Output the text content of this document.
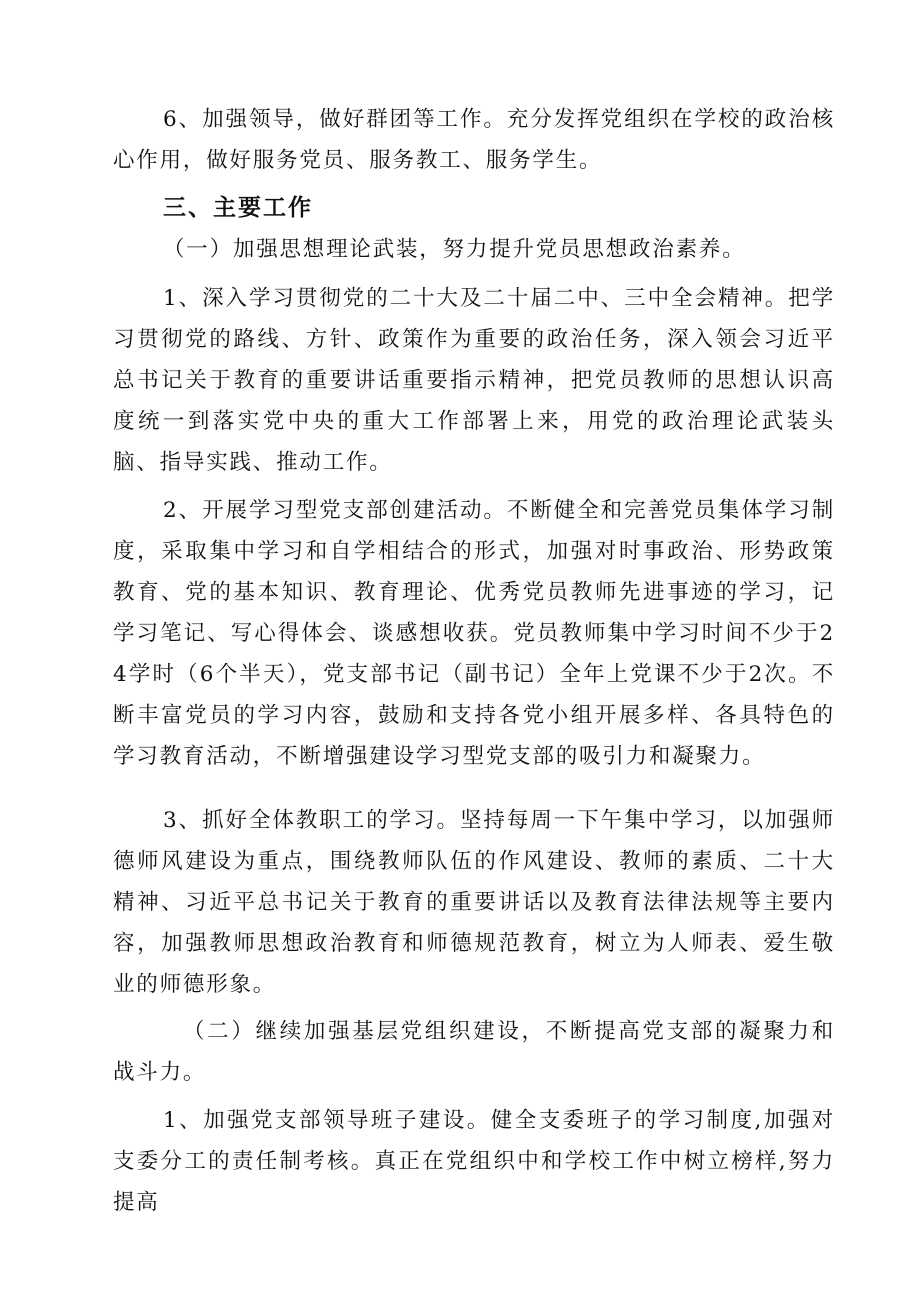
6、加强领导，做好群团等工作。充分发挥党组织在学校的政治核心作用，做好服务党员、服务教工、服务学生。

三、主要工作

（一）加强思想理论武装，努力提升党员思想政治素养。

1、深入学习贯彻党的二十大及二十届二中、三中全会精神。把学习贯彻党的路线、方针、政策作为重要的政治任务，深入领会习近平总书记关于教育的重要讲话重要指示精神，把党员教师的思想认识高度统一到落实党中央的重大工作部署上来，用党的政治理论武装头脑、指导实践、推动工作。

2、开展学习型党支部创建活动。不断健全和完善党员集体学习制度，采取集中学习和自学相结合的形式，加强对时事政治、形势政策教育、党的基本知识、教育理论、优秀党员教师先进事迹的学习，记学习笔记、写心得体会、谈感想收获。党员教师集中学习时间不少于24学时（6个半天），党支部书记（副书记）全年上党课不少于2次。不断丰富党员的学习内容，鼓励和支持各党小组开展多样、各具特色的学习教育活动，不断增强建设学习型党支部的吸引力和凝聚力。

3、抓好全体教职工的学习。坚持每周一下午集中学习，以加强师德师风建设为重点，围绕教师队伍的作风建设、教师的素质、二十大精神、习近平总书记关于教育的重要讲话以及教育法律法规等主要内容，加强教师思想政治教育和师德规范教育，树立为人师表、爱生敬业的师德形象。

（二）继续加强基层党组织建设，不断提高党支部的凝聚力和战斗力。

1、加强党支部领导班子建设。健全支委班子的学习制度,加强对支委分工的责任制考核。真正在党组织中和学校工作中树立榜样,努力提高
